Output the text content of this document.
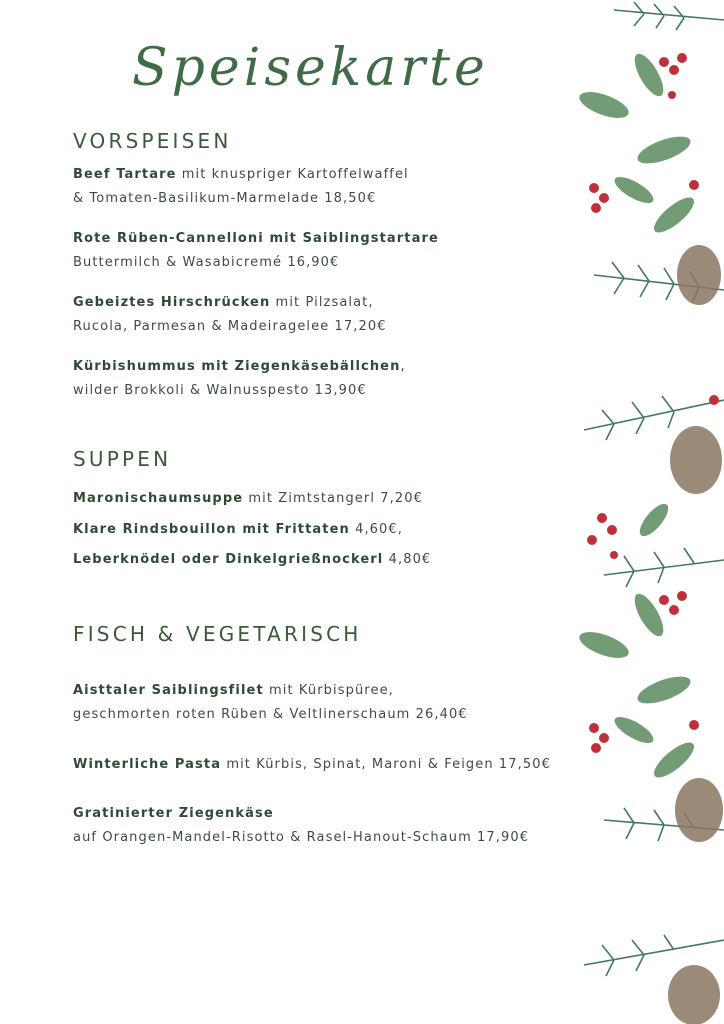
Speisekarte
VORSPEISEN
Beef Tartare mit knuspriger Kartoffelwaffel
& Tomaten-Basilikum-Marmelade 18,50€
Rote Rüben-Cannelloni mit Saiblingstartare
Buttermilch & Wasabicremé 16,90€
Gebeiztes Hirschrücken mit Pilzsalat,
Rucola, Parmesan & Madeiragelee 17,20€
Kürbishummus mit Ziegenkäsebällchen,
wilder Brokkoli & Walnusspesto 13,90€
SUPPEN
Maronischaumsuppe mit Zimtstangerl 7,20€
Klare Rindsbouillon mit Frittaten 4,60€,
Leberknödel oder Dinkelgrießnockerl 4,80€
FISCH & VEGETARISCH
Aisttaler Saiblingsfilet mit Kürbispüree,
geschmorten roten Rüben & Veltlinerschaum 26,40€
Winterliche Pasta mit Kürbis, Spinat, Maroni & Feigen 17,50€
Gratinierter Ziegenkäse
auf Orangen-Mandel-Risotto & Rasel-Hanout-Schaum 17,90€
